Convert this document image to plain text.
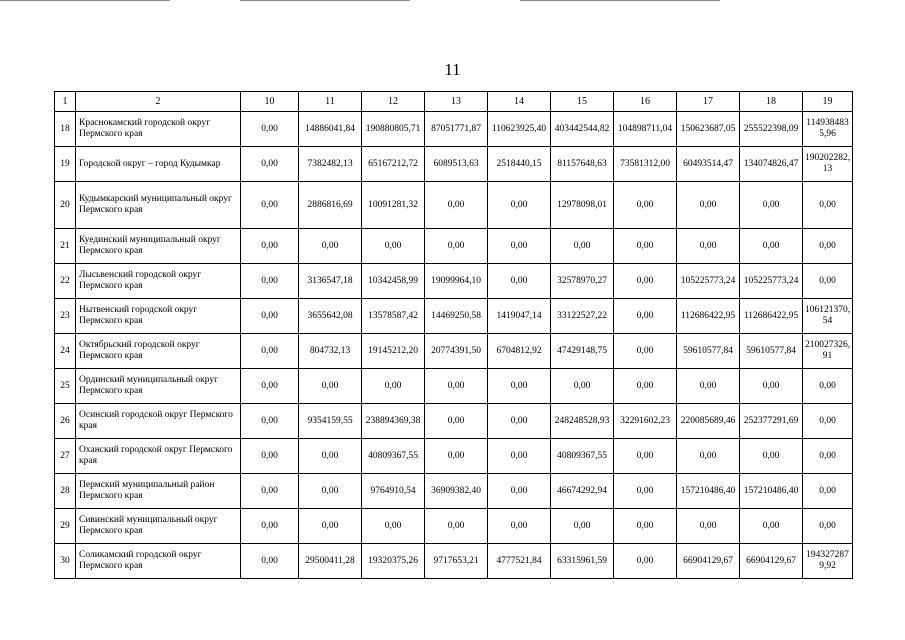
11
1	2	10	11	12	13	14	15	16	17	18	19
18	Краснокамский городской округ Пермского края	0,00	14886041,84	190880805,71	87051771,87	110623925,40	403442544,82	104898711,04	150623687,05	255522398,09	1149384835,96
19	Городской округ – город Кудымкар	0,00	7382482,13	65167212,72	6089513,63	2518440,15	81157648,63	73581312,00	60493514,47	134074826,47	190202282,13
20	Кудымкарский муниципальный округ Пермского края	0,00	2886816,69	10091281,32	0,00	0,00	12978098,01	0,00	0,00	0,00	0,00
21	Куединский муниципальный округ Пермского края	0,00	0,00	0,00	0,00	0,00	0,00	0,00	0,00	0,00	0,00
22	Лысьвенский городской округ Пермского края	0,00	3136547,18	10342458,99	19099964,10	0,00	32578970,27	0,00	105225773,24	105225773,24	0,00
23	Нытвенский городской округ Пермского края	0,00	3655642,08	13578587,42	14469250,58	1419047,14	33122527,22	0,00	112686422,95	112686422,95	106121370,54
24	Октябрьский городской округ Пермского края	0,00	804732,13	19145212,20	20774391,50	6704812,92	47429148,75	0,00	59610577,84	59610577,84	210027326,91
25	Ординский муниципальный округ Пермского края	0,00	0,00	0,00	0,00	0,00	0,00	0,00	0,00	0,00	0,00
26	Осинский городской округ Пермского края	0,00	9354159,55	238894369,38	0,00	0,00	248248528,93	32291602,23	220085689,46	252377291,69	0,00
27	Оханский городской округ Пермского края	0,00	0,00	40809367,55	0,00	0,00	40809367,55	0,00	0,00	0,00	0,00
28	Пермский муниципальный район Пермского края	0,00	0,00	9764910,54	36909382,40	0,00	46674292,94	0,00	157210486,40	157210486,40	0,00
29	Сивинский муниципальный округ Пермского края	0,00	0,00	0,00	0,00	0,00	0,00	0,00	0,00	0,00	0,00
30	Соликамский городской округ Пермского края	0,00	29500411,28	19320375,26	9717653,21	4777521,84	63315961,59	0,00	66904129,67	66904129,67	1943272879,92
